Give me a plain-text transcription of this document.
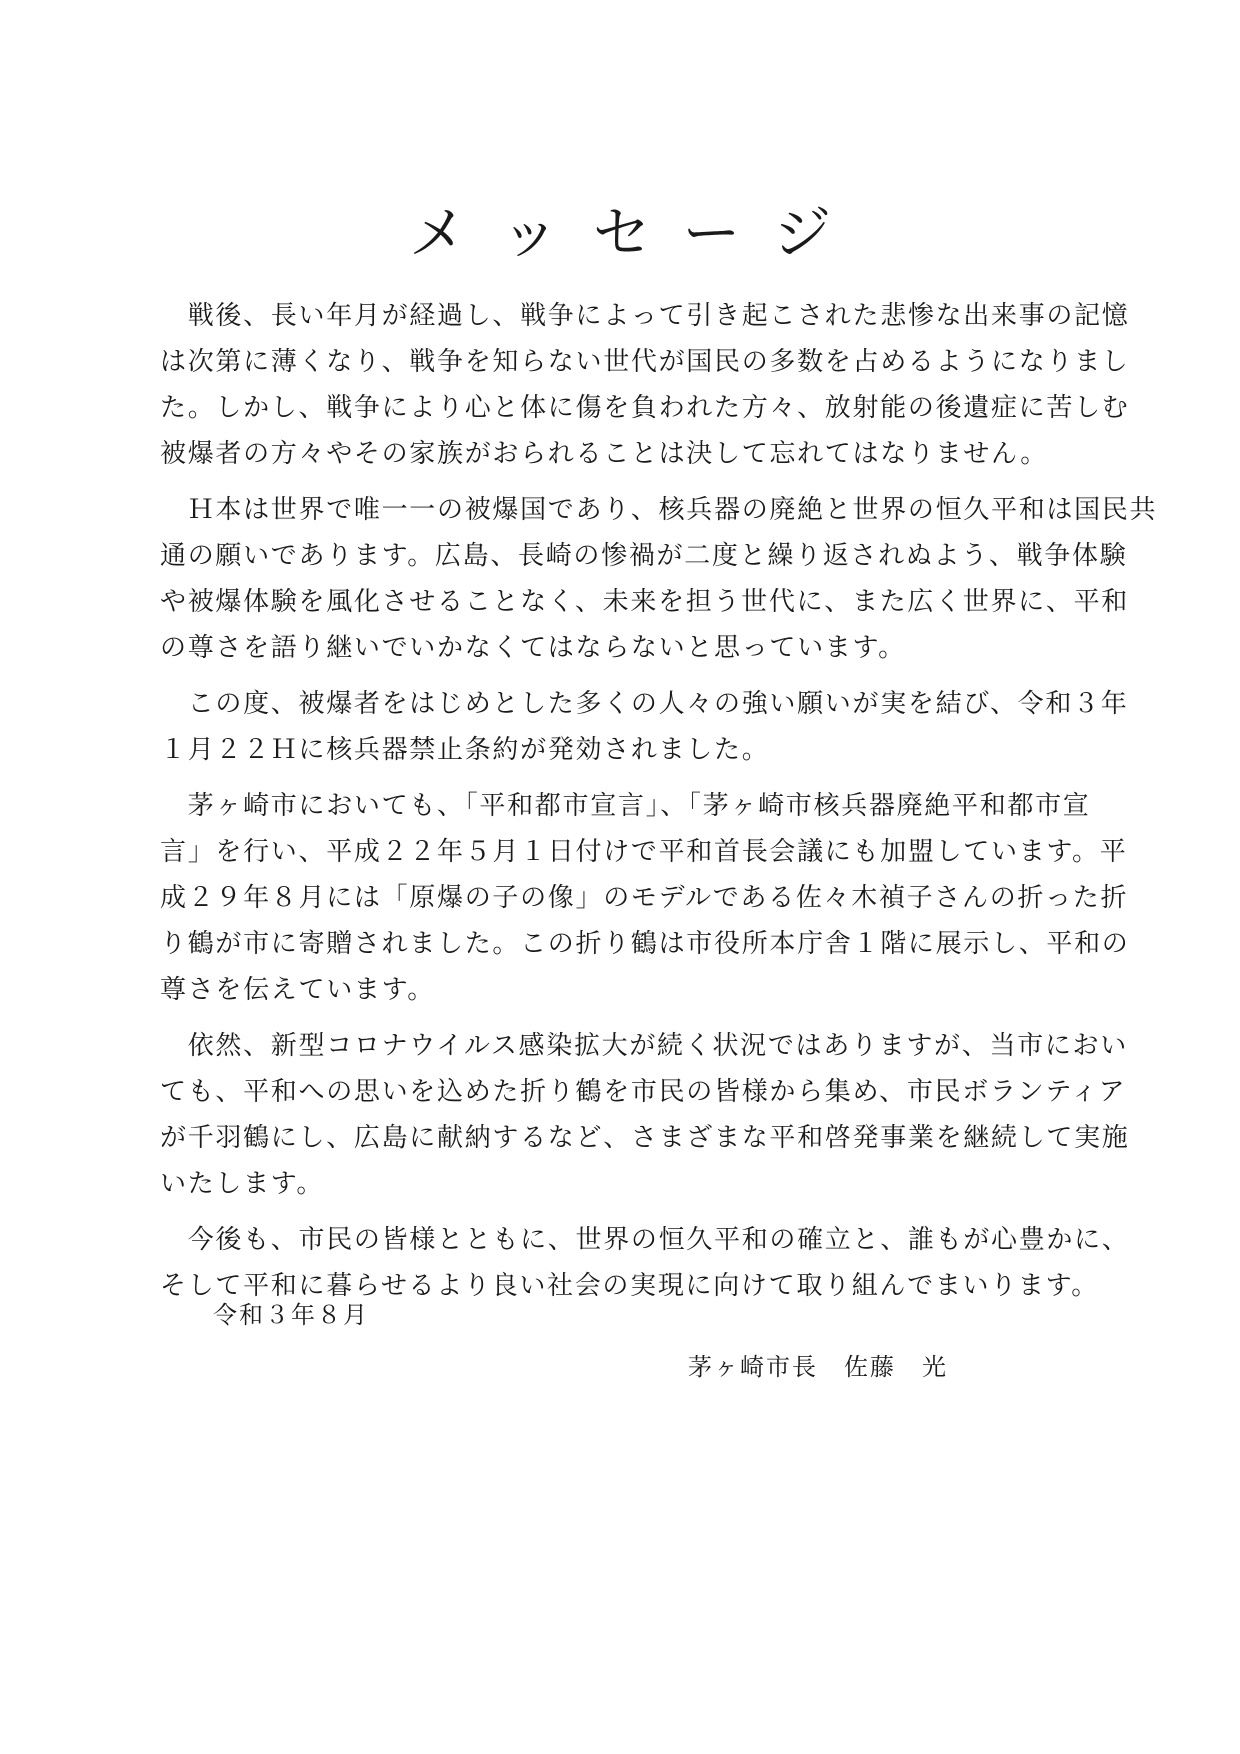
メッセージ
　戦後、長い年月が経過し、戦争によって引き起こされた悲惨な出来事の記憶
は次第に薄くなり、戦争を知らない世代が国民の多数を占めるようになりまし
た。しかし、戦争により心と体に傷を負われた方々、放射能の後遺症に苦しむ
被爆者の方々やその家族がおられることは決して忘れてはなりません。
　Ｈ本は世界で唯一一の被爆国であり、核兵器の廃絶と世界の恒久平和は国民共
通の願いであります。広島、長崎の惨禍が二度と繰り返されぬよう、戦争体験
や被爆体験を風化させることなく、未来を担う世代に、また広く世界に、平和
の尊さを語り継いでいかなくてはならないと思っています。
　この度、被爆者をはじめとした多くの人々の強い願いが実を結び、令和３年
１月２２Ｈに核兵器禁止条約が発効されました。
　茅ヶ崎市においても、「平和都市宣言」、「茅ヶ崎市核兵器廃絶平和都市宣
言」を行い、平成２２年５月１日付けで平和首長会議にも加盟しています。平
成２９年８月には「原爆の子の像」のモデルである佐々木禎子さんの折った折
り鶴が市に寄贈されました。この折り鶴は市役所本庁舎１階に展示し、平和の
尊さを伝えています。
　依然、新型コロナウイルス感染拡大が続く状況ではありますが、当市におい
ても、平和への思いを込めた折り鶴を市民の皆様から集め、市民ボランティア
が千羽鶴にし、広島に献納するなど、さまざまな平和啓発事業を継続して実施
いたします。
　今後も、市民の皆様とともに、世界の恒久平和の確立と、誰もが心豊かに、
そして平和に暮らせるより良い社会の実現に向けて取り組んでまいります。
令和３年８月
茅ヶ崎市長 佐藤　光
